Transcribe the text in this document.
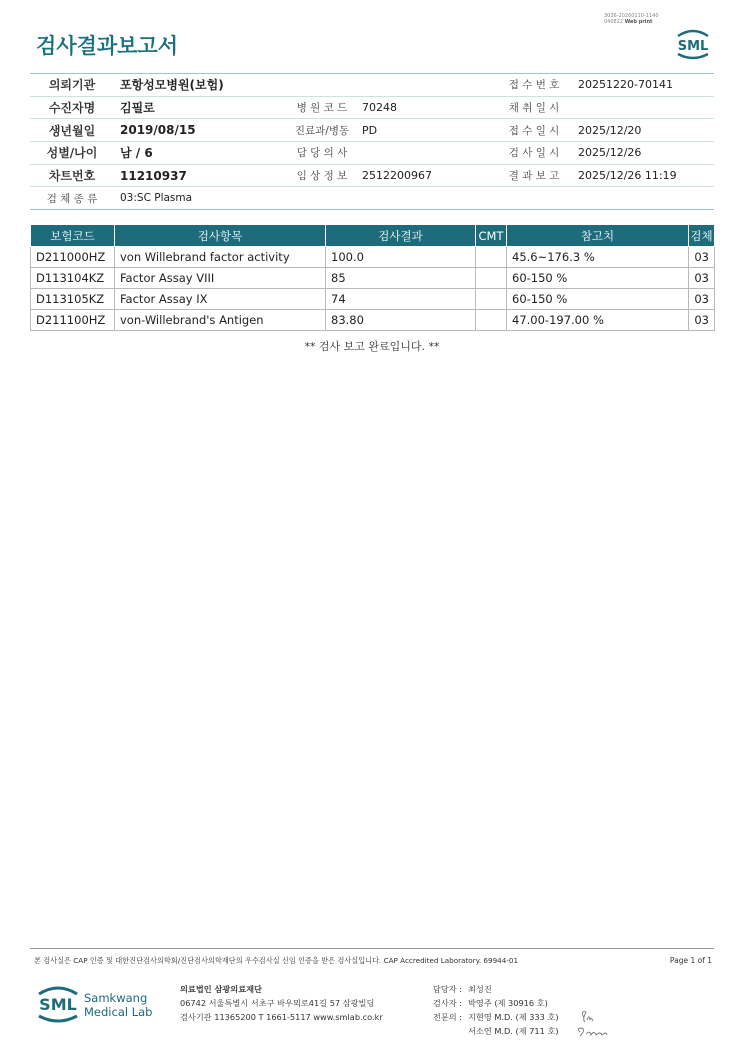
검사결과보고서
3036-20260110-1140
040822 Web print
SML
의뢰기관	포항성모병원(보험)			접 수 번 호	20251220-70141
수진자명	김필로	병 원 코 드	70248	채 취 일 시	
생년월일	2019/08/15	진료과/병동	PD	접 수 일 시	2025/12/20
성별/나이	남 / 6	담 당 의 사		검 사 일 시	2025/12/26
차트번호	11210937	임 상 정 보	2512200967	결 과 보 고	2025/12/26 11:19
검 체 종 류	03:SC Plasma				
보험코드	검사항목	검사결과	CMT	참고치	검체
D211000HZ	von Willebrand factor activity	100.0		45.6~176.3 %	03
D113104KZ	Factor Assay VIII	85		60-150 %	03
D113105KZ	Factor Assay IX	74		60-150 %	03
D211100HZ	von-Willebrand's Antigen	83.80		47.00-197.00 %	03
** 검사 보고 완료입니다. **
본 검사실은 CAP 인증 및 대한진단검사의학회/진단검사의학재단의 우수검사실 신임 인증을 받은 검사실입니다. CAP Accredited Laboratory. 69944-01	Page 1 of 1
SML Samkwang
Medical Lab
의료법인 삼광의료재단
06742 서울특별시 서초구 바우뫼로41길 57 삼광빌딩
검사기관 11365200 T 1661-5117 www.smlab.co.kr
담당자 : 최성진
검사자 : 박영주 (제 30916 호)
전문의 : 지현영 M.D. (제 333 호)
서소연 M.D. (제 711 호)
